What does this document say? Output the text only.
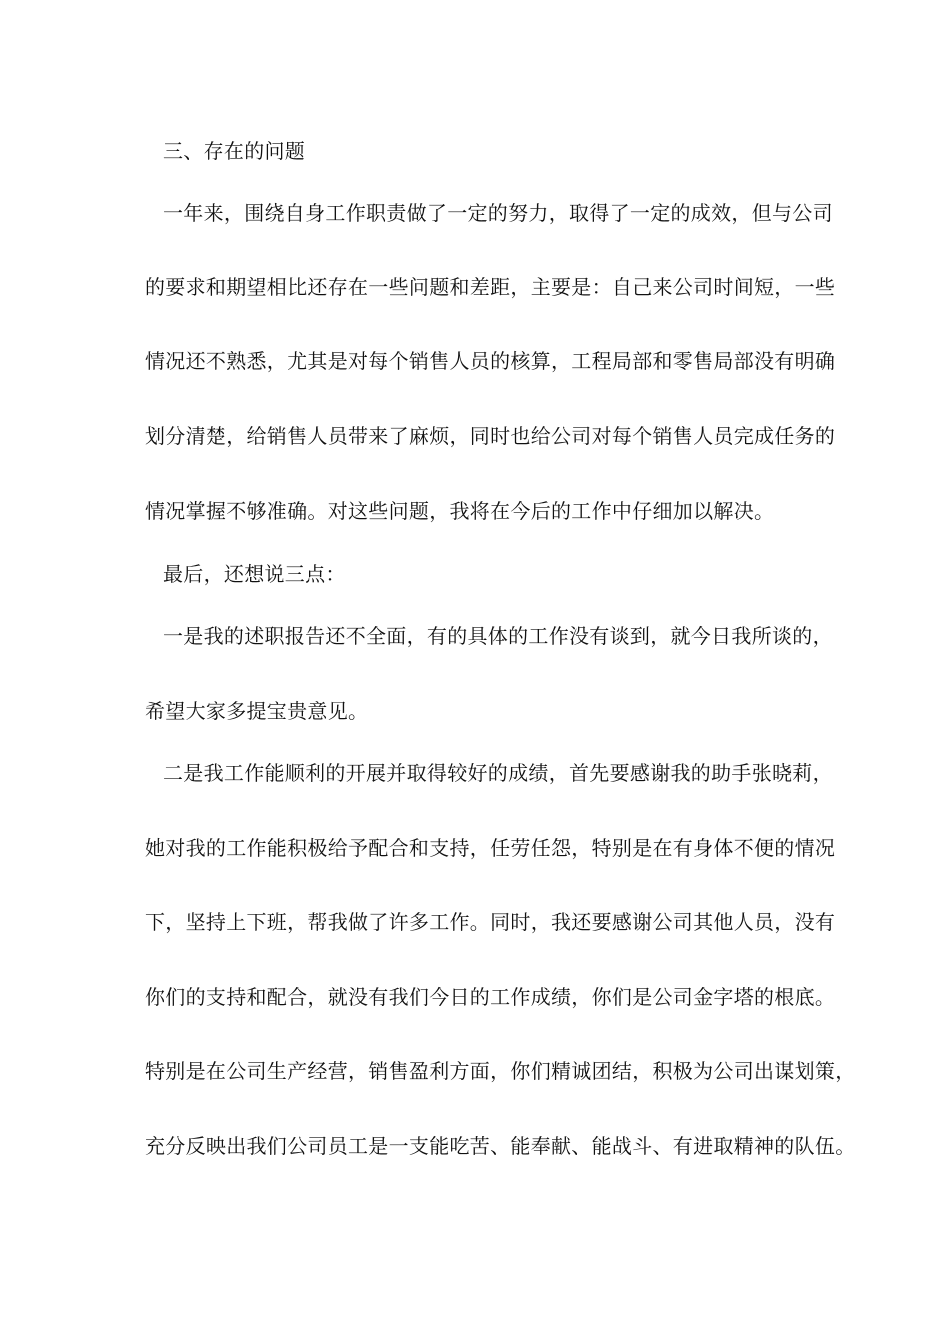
三、存在的问题
一年来，围绕自身工作职责做了一定的努力，取得了一定的成效，但与公司
的要求和期望相比还存在一些问题和差距，主要是：自己来公司时间短，一些
情况还不熟悉，尤其是对每个销售人员的核算，工程局部和零售局部没有明确
划分清楚，给销售人员带来了麻烦，同时也给公司对每个销售人员完成任务的
情况掌握不够准确。对这些问题，我将在今后的工作中仔细加以解决。
最后，还想说三点：
一是我的述职报告还不全面，有的具体的工作没有谈到，就今日我所谈的，
希望大家多提宝贵意见。
二是我工作能顺利的开展并取得较好的成绩，首先要感谢我的助手张晓莉，
她对我的工作能积极给予配合和支持，任劳任怨，特别是在有身体不便的情况
下，坚持上下班，帮我做了许多工作。同时，我还要感谢公司其他人员，没有
你们的支持和配合，就没有我们今日的工作成绩，你们是公司金字塔的根底。
特别是在公司生产经营，销售盈利方面，你们精诚团结，积极为公司出谋划策，
充分反映出我们公司员工是一支能吃苦、能奉献、能战斗、有进取精神的队伍。
